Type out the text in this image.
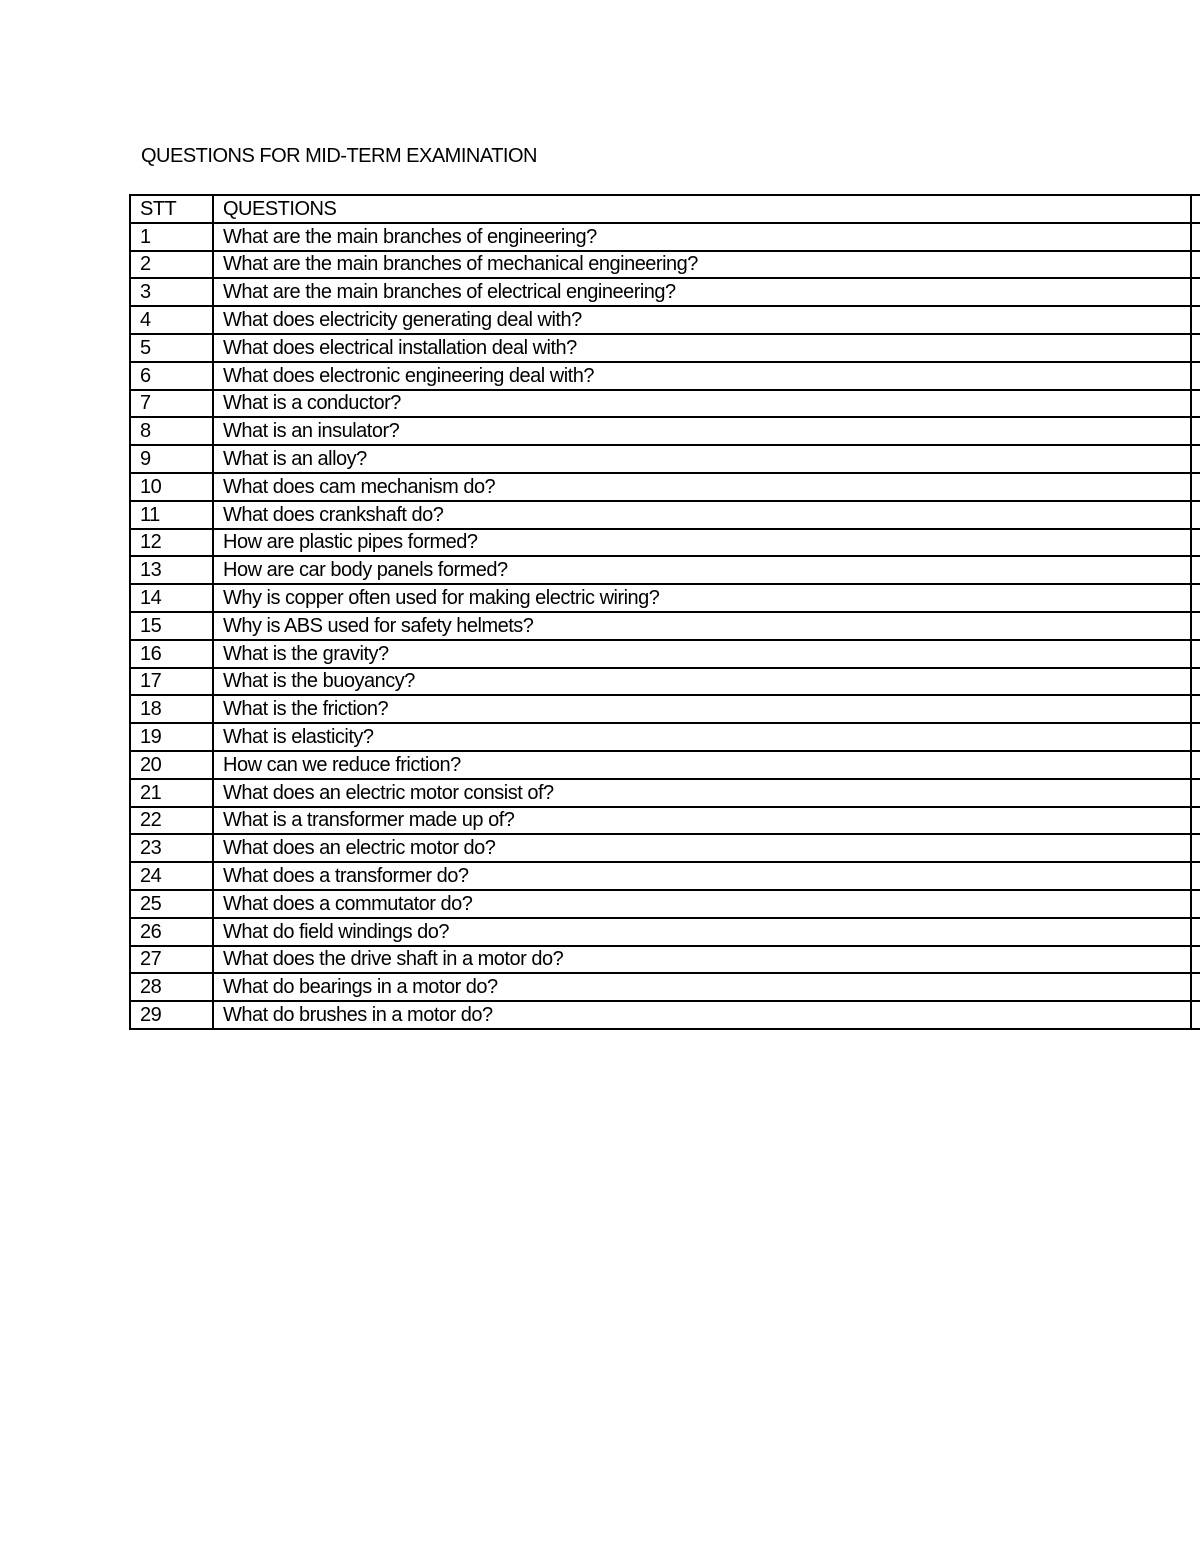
QUESTIONS FOR MID-TERM EXAMINATION
STT	QUESTIONS	
1	What are the main branches of engineering?	
2	What are the main branches of mechanical engineering?	
3	What are the main branches of electrical engineering?	
4	What does electricity generating deal with?	
5	What does electrical installation deal with?	
6	What does electronic engineering deal with?	
7	What is a conductor?	
8	What is an insulator?	
9	What is an alloy?	
10	What does cam mechanism do?	
11	What does crankshaft do?	
12	How are plastic pipes formed?	
13	How are car body panels formed?	
14	Why is copper often used for making electric wiring?	
15	Why is ABS used for safety helmets?	
16	What is the gravity?	
17	What is the buoyancy?	
18	What is the friction?	
19	What is elasticity?	
20	How can we reduce friction?	
21	What does an electric motor consist of?	
22	What is a transformer made up of?	
23	What does an electric motor do?	
24	What does a transformer do?	
25	What does a commutator do?	
26	What do field windings do?	
27	What does the drive shaft in a motor do?	
28	What do bearings in a motor do?	
29	What do brushes in a motor do?	
